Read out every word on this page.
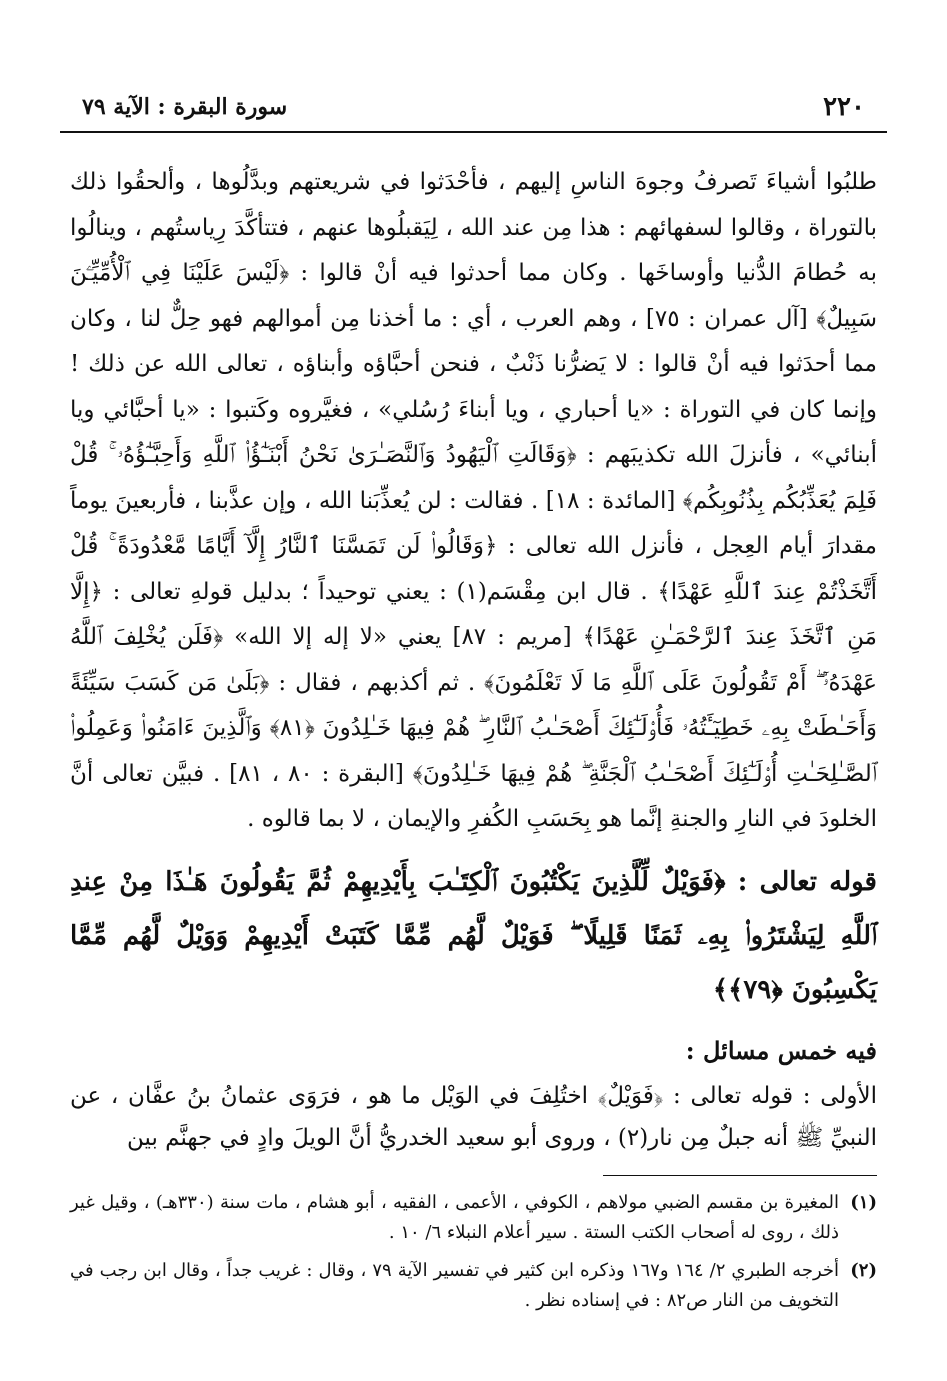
٢٢٠
سورة البقرة : الآية ٧٩

طلبُوا أشياءَ تَصرفُ وجوهَ الناسِ إليهم ، فأحْدَثوا في شريعتهم وبدَّلُوها ، وألحقُوا ذلك بالتوراة ، وقالوا لسفهائهم : هذا مِن عند الله ، لِيَقبلُوها عنهم ، فتتأكَّدَ رِياستُهم ، وينالُوا به حُطامَ الدُّنيا وأوساخَها . وكان مما أحدثوا فيه أنْ قالوا : ﴿لَيْسَ عَلَيْنَا فِي ٱلْأُمِّيِّـۧنَ سَبِيلٌ﴾ [آل عمران : ٧٥] ، وهم العرب ، أي : ما أخذنا مِن أموالهم فهو حِلٌّ لنا ، وكان مما أحدَثوا فيه أنْ قالوا : لا يَضرُّنا ذَنْبٌ ، فنحن أحبَّاؤه وأبناؤه ، تعالى الله عن ذلك ! وإنما كان في التوراة : «يا أحباري ، ويا أبناءَ رُسُلي» ، فغيَّروه وكَتبوا : «يا أحبَّائي ويا أبنائي» ، فأنزلَ الله تكذيبَهم : ﴿وَقَالَتِ ٱلْيَهُودُ وَٱلنَّصَـٰرَىٰ نَحْنُ أَبْنَـٰٓؤُا۟ ٱللَّهِ وَأَحِبَّـٰٓؤُهُۥ ۚ قُلْ فَلِمَ يُعَذِّبُكُم بِذُنُوبِكُم﴾ [المائدة : ١٨] . فقالت : لن يُعذِّبَنا الله ، وإن عذَّبنا ، فأربعينَ يوماً مقدارَ أيام العِجل ، فأنزل الله تعالى : ﴿وَقَالُوا۟ لَن تَمَسَّنَا ٱلنَّارُ إِلَّآ أَيَّامًا مَّعْدُودَةً ۚ قُلْ أَتَّخَذْتُمْ عِندَ ٱللَّهِ عَهْدًا﴾ . قال ابن مِقْسَم(١) : يعني توحيداً ؛ بدليل قولهِ تعالى : ﴿إِلَّا مَنِ ٱتَّخَذَ عِندَ ٱلرَّحْمَـٰنِ عَهْدًا﴾ [مريم : ٨٧] يعني «لا إله إلا الله» ﴿فَلَن يُخْلِفَ ٱللَّهُ عَهْدَهُۥٓ ۖ أَمْ تَقُولُونَ عَلَى ٱللَّهِ مَا لَا تَعْلَمُونَ﴾ . ثم أكذبهم ، فقال : ﴿بَلَىٰ مَن كَسَبَ سَيِّئَةً وَأَحَـٰطَتْ بِهِۦ خَطِيٓـَٔتُهُۥ فَأُو۟لَـٰٓئِكَ أَصْحَـٰبُ ٱلنَّارِ ۖ هُمْ فِيهَا خَـٰلِدُونَ ﴿٨١﴾ وَٱلَّذِينَ ءَامَنُوا۟ وَعَمِلُوا۟ ٱلصَّـٰلِحَـٰتِ أُو۟لَـٰٓئِكَ أَصْحَـٰبُ ٱلْجَنَّةِ ۖ هُمْ فِيهَا خَـٰلِدُونَ﴾ [البقرة : ٨٠ ، ٨١] . فبيَّن تعالى أنَّ الخلودَ في النارِ والجنةِ إنَّما هو بِحَسَبِ الكُفرِ والإيمان ، لا بما قالوه .

قوله تعالى : ﴿فَوَيْلٌ لِّلَّذِينَ يَكْتُبُونَ ٱلْكِتَـٰبَ بِأَيْدِيهِمْ ثُمَّ يَقُولُونَ هَـٰذَا مِنْ عِندِ ٱللَّهِ لِيَشْتَرُوا۟ بِهِۦ ثَمَنًا قَلِيلًا ۖ فَوَيْلٌ لَّهُم مِّمَّا كَتَبَتْ أَيْدِيهِمْ وَوَيْلٌ لَّهُم مِّمَّا يَكْسِبُونَ ﴿٧٩﴾﴾

فيه خمس مسائل :

الأولى : قوله تعالى : ﴿فَوَيْلٌ﴾ اختُلِفَ في الوَيْل ما هو ، فرَوَى عثمانُ بنُ عفَّان ، عن النبيِّ ﷺ أنه جبلٌ مِن نار(٢) ، وروى أبو سعيد الخدريُّ أنَّ الويلَ وادٍ في جهنَّم بين

(١)
المغيرة بن مقسم الضبي مولاهم ، الكوفي ، الأعمى ، الفقيه ، أبو هشام ، مات سنة (٣٣٠هـ) ، وقيل غير ذلك ، روى له أصحاب الكتب الستة . سير أعلام النبلاء ٦/ ١٠ .
(٢)
أخرجه الطبري ٢/ ١٦٤ و١٦٧ وذكره ابن كثير في تفسير الآية ٧٩ ، وقال : غريب جداً ، وقال ابن رجب في التخويف من النار ص٨٢ : في إسناده نظر .
